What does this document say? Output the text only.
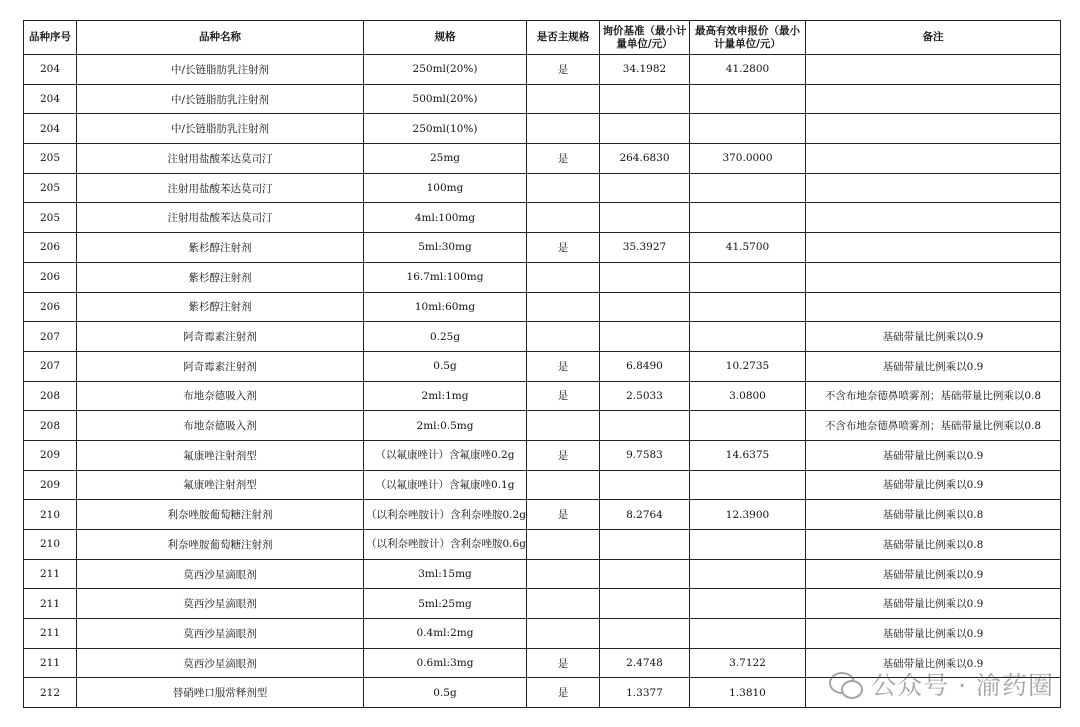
品种序号	品种名称	规格	是否主规格	询价基准（最小计量单位/元）	最高有效申报价（最小计量单位/元）	备注
204	中/长链脂肪乳注射剂	250ml(20%)	是	34.1982	41.2800	
204	中/长链脂肪乳注射剂	500ml(20%)				
204	中/长链脂肪乳注射剂	250ml(10%)				
205	注射用盐酸苯达莫司汀	25mg	是	264.6830	370.0000	
205	注射用盐酸苯达莫司汀	100mg				
205	注射用盐酸苯达莫司汀	4ml:100mg				
206	紫杉醇注射剂	5ml:30mg	是	35.3927	41.5700	
206	紫杉醇注射剂	16.7ml:100mg				
206	紫杉醇注射剂	10ml:60mg				
207	阿奇霉素注射剂	0.25g				基础带量比例乘以0.9
207	阿奇霉素注射剂	0.5g	是	6.8490	10.2735	基础带量比例乘以0.9
208	布地奈德吸入剂	2ml:1mg	是	2.5033	3.0800	不含布地奈德鼻喷雾剂；基础带量比例乘以0.8
208	布地奈德吸入剂	2ml:0.5mg				不含布地奈德鼻喷雾剂；基础带量比例乘以0.8
209	氟康唑注射剂型	（以氟康唑计）含氟康唑0.2g	是	9.7583	14.6375	基础带量比例乘以0.9
209	氟康唑注射剂型	（以氟康唑计）含氟康唑0.1g				基础带量比例乘以0.9
210	利奈唑胺葡萄糖注射剂	（以利奈唑胺计）含利奈唑胺0.2g	是	8.2764	12.3900	基础带量比例乘以0.8
210	利奈唑胺葡萄糖注射剂	（以利奈唑胺计）含利奈唑胺0.6g				基础带量比例乘以0.8
211	莫西沙星滴眼剂	3ml:15mg				基础带量比例乘以0.9
211	莫西沙星滴眼剂	5ml:25mg				基础带量比例乘以0.9
211	莫西沙星滴眼剂	0.4ml:2mg				基础带量比例乘以0.9
211	莫西沙星滴眼剂	0.6ml:3mg	是	2.4748	3.7122	基础带量比例乘以0.9
212	替硝唑口服常释剂型	0.5g	是	1.3377	1.3810		公众号 · 渝药圈
